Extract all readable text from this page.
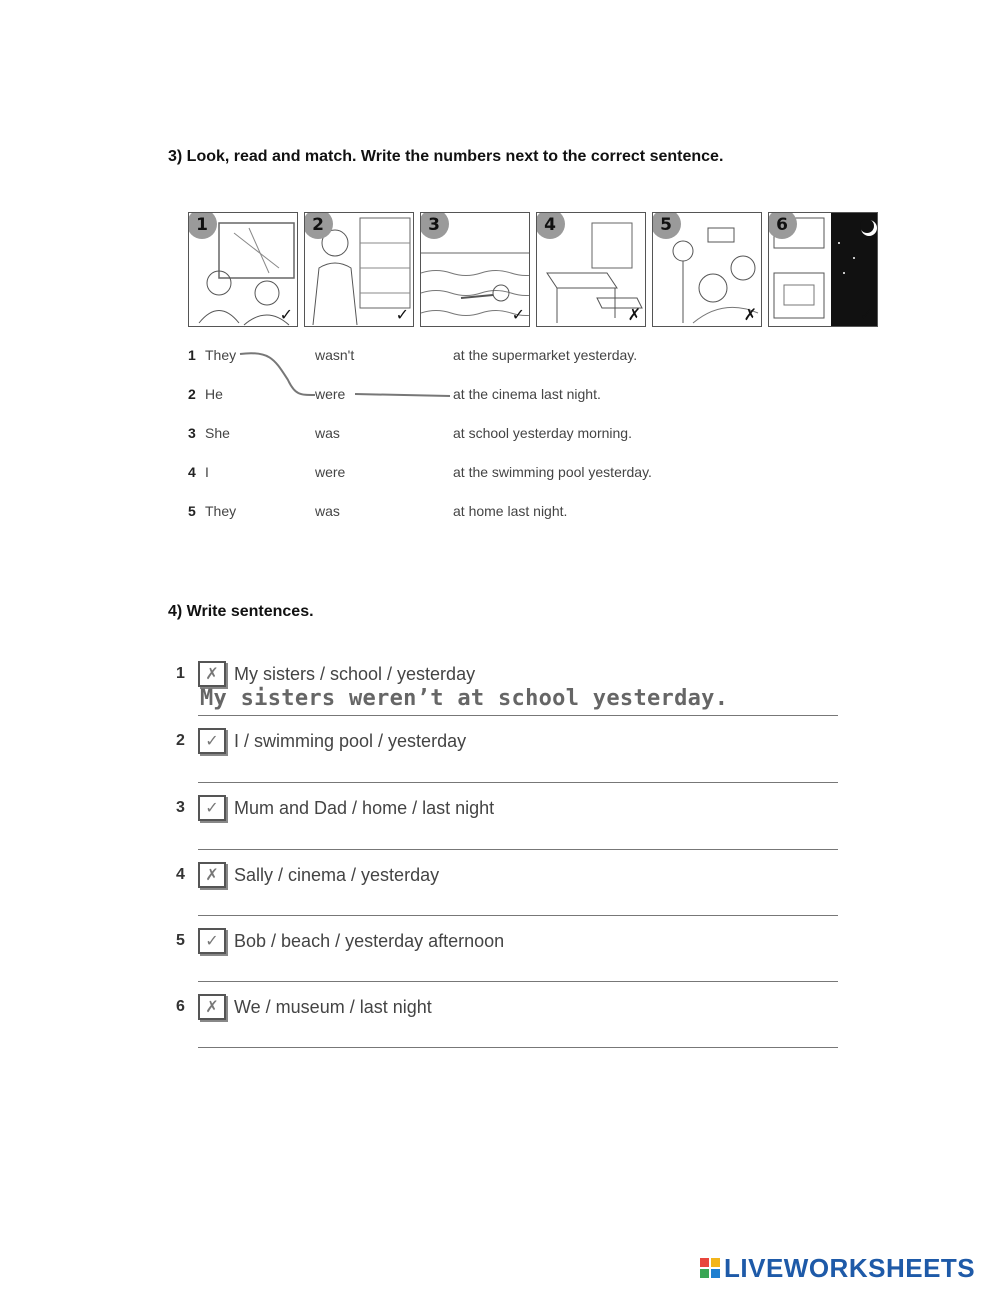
3) Look, read and match. Write the numbers next to the correct sentence.
1
✓
2
✓
3
✓
4
✗
5
✗
6
✓
1 They	wasn't	at the supermarket yesterday.
2 He	were	at the cinema last night.
3 She	was	at school yesterday morning.
4 I	were	at the swimming pool yesterday.
5 They	was	at home last night.
4) Write sentences.
1	✗ My sisters / school / yesterday
My sisters weren’t at school yesterday.
2	✓ I / swimming pool / yesterday
3	✓ Mum and Dad / home / last night
4	✗ Sally / cinema / yesterday
5	✓ Bob / beach / yesterday afternoon
6	✗ We / museum / last night
LIVEWORKSHEETS
